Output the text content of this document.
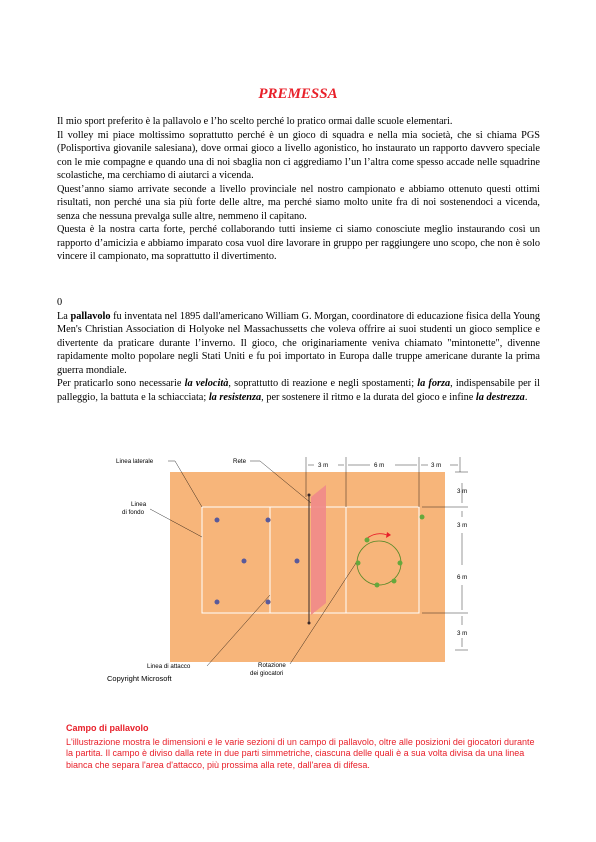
PREMESSA

Il mio sport preferito è la pallavolo e l’ho scelto perché lo pratico ormai dalle scuole elementari.

Il volley mi piace moltissimo soprattutto perché è un gioco di squadra e nella mia società, che si chiama PGS (Polisportiva giovanile salesiana), dove ormai gioco a livello agonistico, ho instaurato un rapporto davvero speciale con le mie compagne e quando una di noi sbaglia non ci aggrediamo l’un l’altra come spesso accade nelle squadrine scolastiche, ma cerchiamo di aiutarci a vicenda.

Quest’anno siamo arrivate seconde a livello provinciale nel nostro campionato e abbiamo ottenuto questi ottimi risultati, non perché una sia più forte delle altre, ma perché siamo molto unite fra di noi sostenendoci a vicenda, senza che nessuna prevalga sulle altre, nemmeno il capitano.

Questa è la nostra carta forte, perché collaborando tutti insieme ci siamo conosciute meglio instaurando così un rapporto d’amicizia e abbiamo imparato cosa vuol dire lavorare in gruppo per raggiungere uno scopo, che non è solo vincere il campionato, ma soprattutto il divertimento.

0

La pallavolo fu inventata nel 1895 dall'americano William G. Morgan, coordinatore di educazione fisica della Young Men's Christian Association di Holyoke nel Massachussetts che voleva offrire ai suoi studenti un gioco semplice e divertente da praticare durante l’inverno. Il gioco, che originariamente veniva chiamato "mintonette", divenne rapidamente molto popolare negli Stati Uniti e fu poi importato in Europa dalle truppe americane durante la prima guerra mondiale.

Per praticarlo sono necessarie la velocità, soprattutto di reazione e negli spostamenti; la forza, indispensabile per il palleggio, la battuta e la schiacciata; la resistenza, per sostenere il ritmo e la durata del gioco e infine la destrezza.

3 m	6 m	3 m
3 m
3 m
6 m
3 m
Linea laterale	Rete
Linea
di fondo
Linea di attacco	Rotazione
dei giocatori
Copyright Microsoft

Campo di pallavolo

L'illustrazione mostra le dimensioni e le varie sezioni di un campo di pallavolo, oltre alle posizioni dei giocatori durante la partita. Il campo è diviso dalla rete in due parti simmetriche, ciascuna delle quali è a sua volta divisa da una linea bianca che separa l'area d'attacco, più prossima alla rete, dall'area di difesa.
